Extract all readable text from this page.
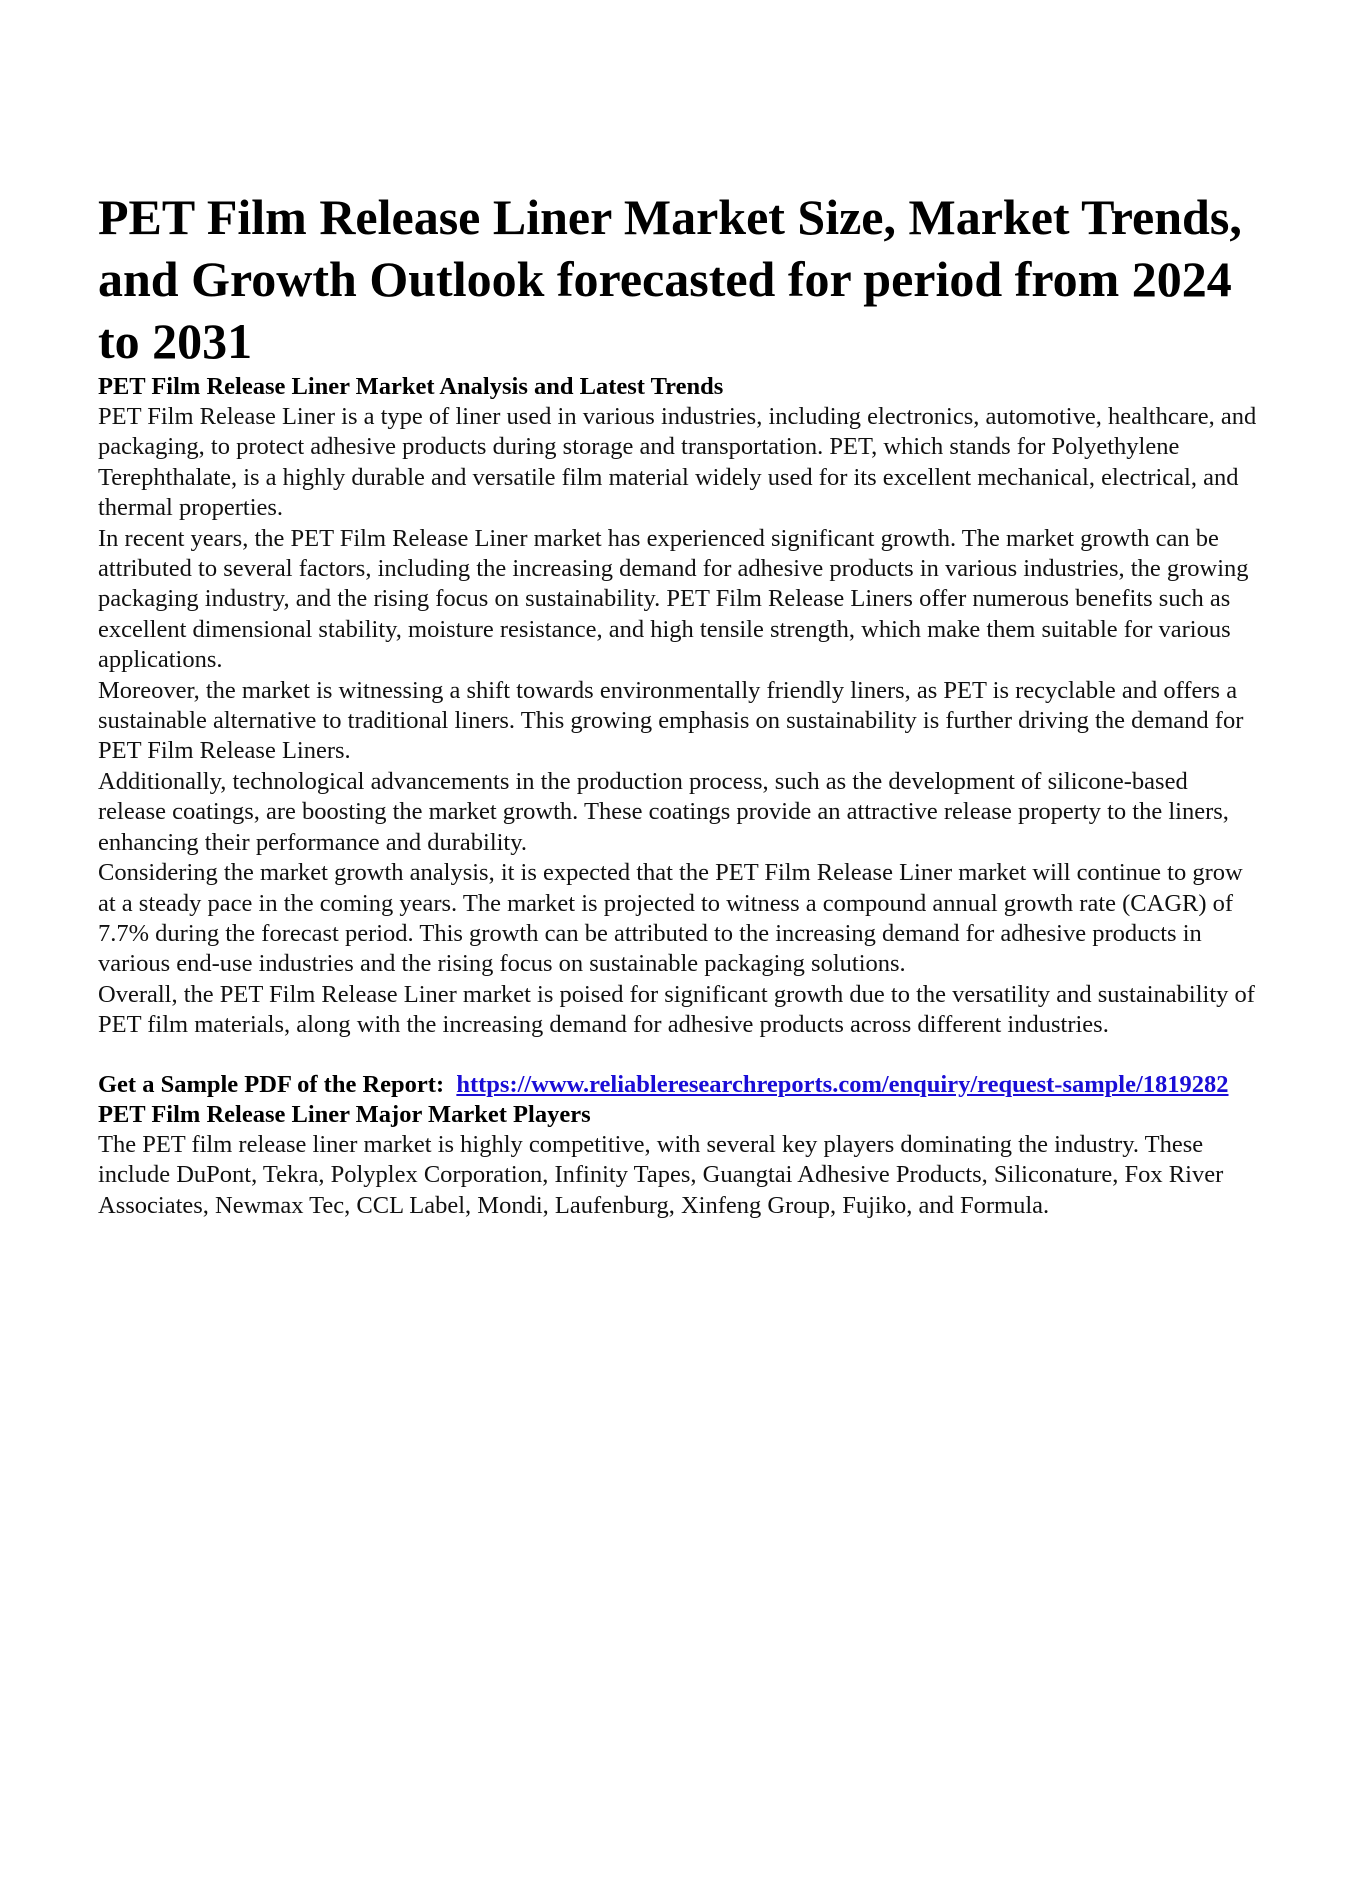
PET Film Release Liner Market Size, Market Trends, and Growth Outlook forecasted for period from 2024 to 2031
PET Film Release Liner Market Analysis and Latest Trends

PET Film Release Liner is a type of liner used in various industries, including electronics, automotive, healthcare, and packaging, to protect adhesive products during storage and transportation. PET, which stands for Polyethylene Terephthalate, is a highly durable and versatile film material widely used for its excellent mechanical, electrical, and thermal properties.

In recent years, the PET Film Release Liner market has experienced significant growth. The market growth can be attributed to several factors, including the increasing demand for adhesive products in various industries, the growing packaging industry, and the rising focus on sustainability. PET Film Release Liners offer numerous benefits such as excellent dimensional stability, moisture resistance, and high tensile strength, which make them suitable for various applications.

Moreover, the market is witnessing a shift towards environmentally friendly liners, as PET is recyclable and offers a sustainable alternative to traditional liners. This growing emphasis on sustainability is further driving the demand for PET Film Release Liners.

Additionally, technological advancements in the production process, such as the development of silicone-based release coatings, are boosting the market growth. These coatings provide an attractive release property to the liners, enhancing their performance and durability.

Considering the market growth analysis, it is expected that the PET Film Release Liner market will continue to grow at a steady pace in the coming years. The market is projected to witness a compound annual growth rate (CAGR) of 7.7% during the forecast period. This growth can be attributed to the increasing demand for adhesive products in various end-use industries and the rising focus on sustainable packaging solutions.

Overall, the PET Film Release Liner market is poised for significant growth due to the versatility and sustainability of PET film materials, along with the increasing demand for adhesive products across different industries.

Get a Sample PDF of the Report:  https://www.reliableresearchreports.com/enquiry/request-sample/1819282

PET Film Release Liner Major Market Players

The PET film release liner market is highly competitive, with several key players dominating the industry. These include DuPont, Tekra, Polyplex Corporation, Infinity Tapes, Guangtai Adhesive Products, Siliconature, Fox River Associates, Newmax Tec, CCL Label, Mondi, Laufenburg, Xinfeng Group, Fujiko, and Formula.
